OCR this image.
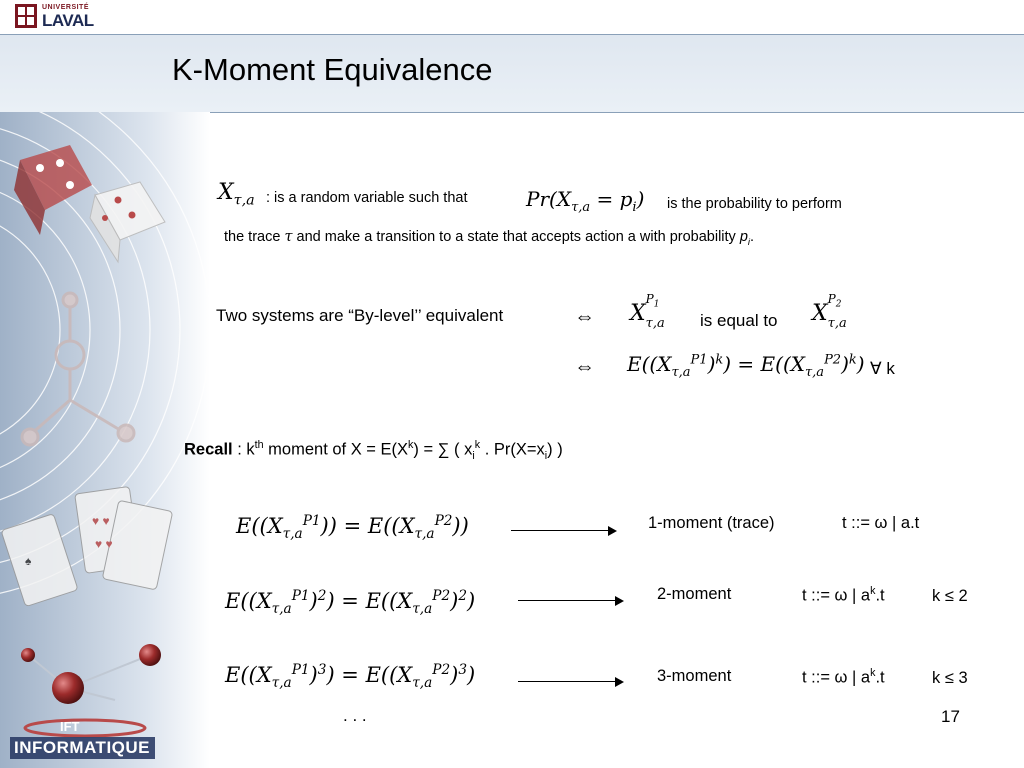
UNIVERSITÉ
LAVAL
K-Moment Equivalence
♥ ♥
♥ ♥
♠
IFT
INFORMATIQUE
$X_{\tau,a}$ : is a random variable such that	$Pr(X_{\tau,a} = p_i)$ is the probability to perform
the trace τ and make a transition to a state that accepts action a with probability $p_i$.
Two systems are “By-level’’ equivalent	⇔ X
$P_1$
τ,a is equal to X
$P_2$
τ,a
⇔ $E((X_{\tau,a}^{P1})^k) = E((X_{\tau,a}^{P2})^k)$ ∀ k
Recall : $k^{th}$ moment of $X = E(X^k)$ = ∑ ( $x_i^k$ . $Pr(X=x_i)$ )
$E((X_{\tau,a}^{P1})) = E((X_{\tau,a}^{P2}))$	1-moment (trace)	t ::= ω | a.t
$E((X_{\tau,a}^{P1})^2) = E((X_{\tau,a}^{P2})^2)$	2-moment	t ::= ω | $a^k.t$	k ≤ 2
$E((X_{\tau,a}^{P1})^3) = E((X_{\tau,a}^{P2})^3)$	3-moment	t ::= ω | $a^k.t$	k ≤ 3
. . .	17
